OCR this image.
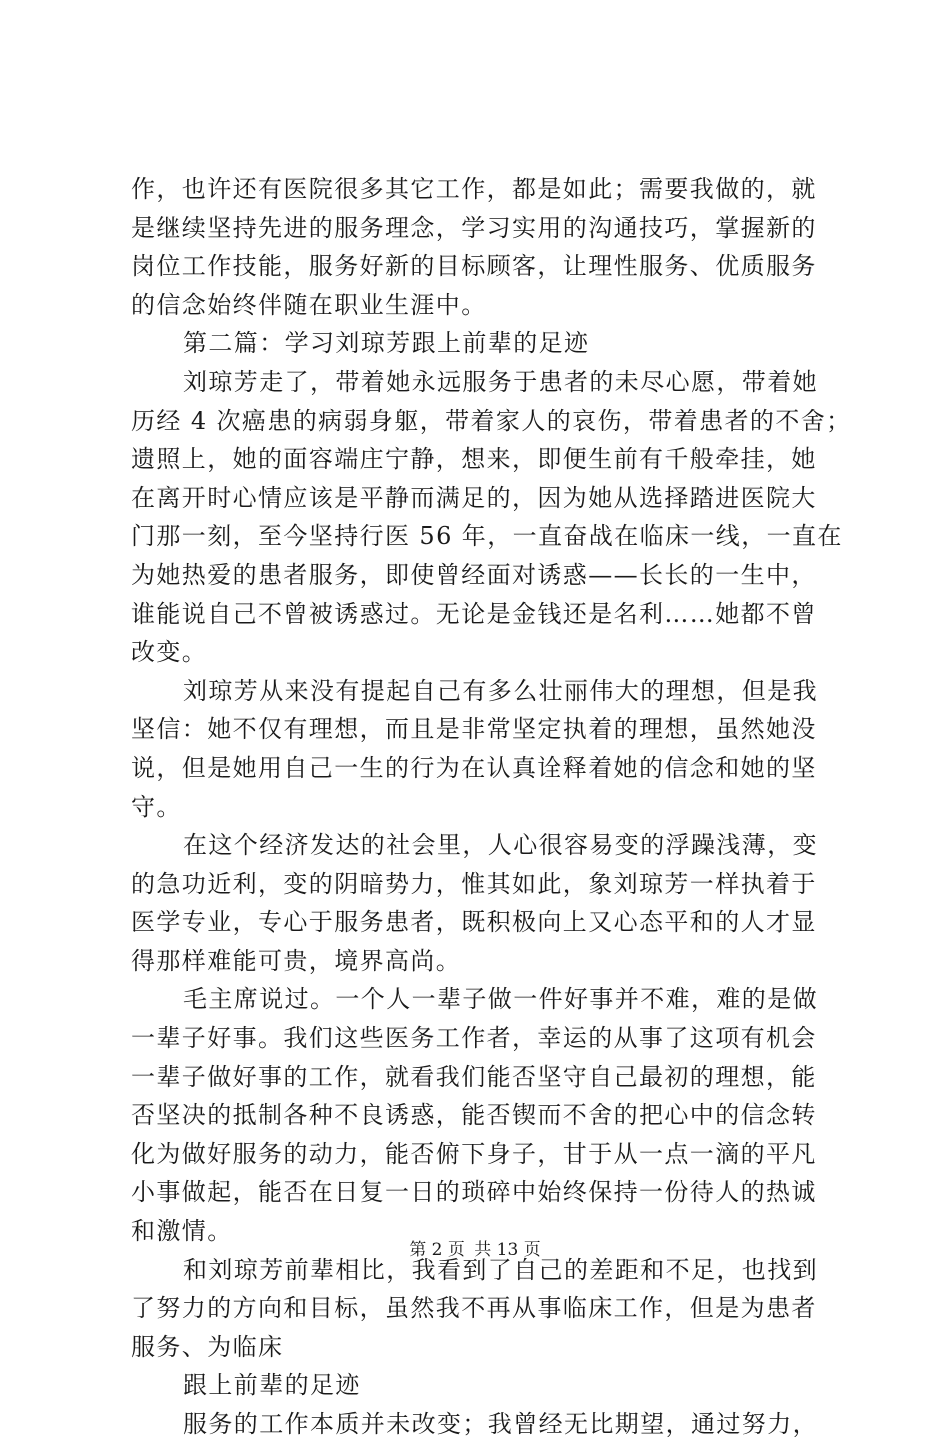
作，也许还有医院很多其它工作，都是如此；需要我做的，就
是继续坚持先进的服务理念，学习实用的沟通技巧，掌握新的
岗位工作技能，服务好新的目标顾客，让理性服务、优质服务
的信念始终伴随在职业生涯中。
第二篇：学习刘琼芳跟上前辈的足迹
刘琼芳走了，带着她永远服务于患者的未尽心愿，带着她
历经 4 次癌患的病弱身躯，带着家人的哀伤，带着患者的不舍；
遗照上，她的面容端庄宁静，想来，即便生前有千般牵挂，她
在离开时心情应该是平静而满足的，因为她从选择踏进医院大
门那一刻，至今坚持行医 56 年，一直奋战在临床一线，一直在
为她热爱的患者服务，即使曾经面对诱惑——长长的一生中，
谁能说自己不曾被诱惑过。无论是金钱还是名利……她都不曾
改变。
刘琼芳从来没有提起自己有多么壮丽伟大的理想，但是我
坚信：她不仅有理想，而且是非常坚定执着的理想，虽然她没
说，但是她用自己一生的行为在认真诠释着她的信念和她的坚
守。
在这个经济发达的社会里，人心很容易变的浮躁浅薄，变
的急功近利，变的阴暗势力，惟其如此，象刘琼芳一样执着于
医学专业，专心于服务患者，既积极向上又心态平和的人才显
得那样难能可贵，境界高尚。
毛主席说过。一个人一辈子做一件好事并不难，难的是做
一辈子好事。我们这些医务工作者，幸运的从事了这项有机会
一辈子做好事的工作，就看我们能否坚守自己最初的理想，能
否坚决的抵制各种不良诱惑，能否锲而不舍的把心中的信念转
化为做好服务的动力，能否俯下身子，甘于从一点一滴的平凡
小事做起，能否在日复一日的琐碎中始终保持一份待人的热诚
和激情。
和刘琼芳前辈相比，我看到了自己的差距和不足，也找到
了努力的方向和目标，虽然我不再从事临床工作，但是为患者
服务、为临床
跟上前辈的足迹
服务的工作本质并未改变；我曾经无比期望，通过努力，
第 2 页 共 13 页
